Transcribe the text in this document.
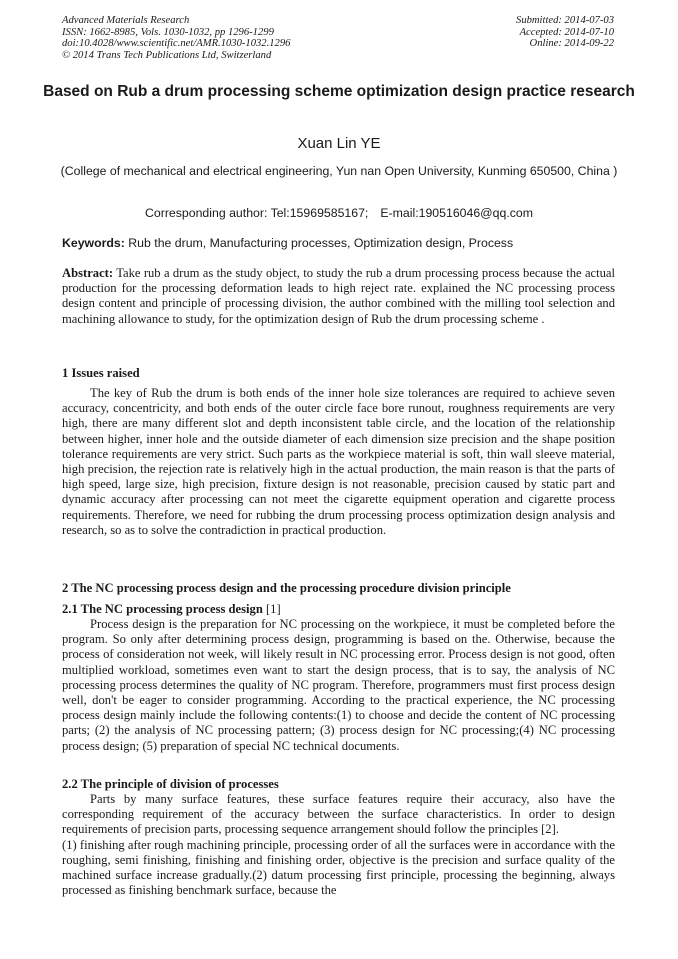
Advanced Materials Research
ISSN: 1662-8985, Vols. 1030-1032, pp 1296-1299
doi:10.4028/www.scientific.net/AMR.1030-1032.1296
© 2014 Trans Tech Publications Ltd, Switzerland
Submitted: 2014-07-03
Accepted: 2014-07-10
Online: 2014-09-22
Based on Rub a drum processing scheme optimization design practice research
Xuan Lin YE
(College of mechanical and electrical engineering, Yun nan Open University, Kunming 650500, China )
Corresponding author: Tel:15969585167; E-mail:190516046@qq.com
Keywords: Rub the drum, Manufacturing processes, Optimization design, Process
Abstract: Take rub a drum as the study object, to study the rub a drum processing process because the actual production for the processing deformation leads to high reject rate. explained the NC processing process design content and principle of processing division, the author combined with the milling tool selection and machining allowance to study, for the optimization design of Rub the drum processing scheme .
1 Issues raised
The key of Rub the drum is both ends of the inner hole size tolerances are required to achieve seven accuracy, concentricity, and both ends of the outer circle face bore runout, roughness requirements are very high, there are many different slot and depth inconsistent table circle, and the location of the relationship between higher, inner hole and the outside diameter of each dimension size precision and the shape position tolerance requirements are very strict. Such parts as the workpiece material is soft, thin wall sleeve material, high precision, the rejection rate is relatively high in the actual production, the main reason is that the parts of high speed, large size, high precision, fixture design is not reasonable, precision caused by static part and dynamic accuracy after processing can not meet the cigarette equipment operation and cigarette process requirements. Therefore, we need for rubbing the drum processing process optimization design analysis and research, so as to solve the contradiction in practical production.
2 The NC processing process design and the processing procedure division principle
2.1 The NC processing process design [1]
Process design is the preparation for NC processing on the workpiece, it must be completed before the program. So only after determining process design, programming is based on the. Otherwise, because the process of consideration not week, will likely result in NC processing error. Process design is not good, often multiplied workload, sometimes even want to start the design process, that is to say, the analysis of NC processing process determines the quality of NC program. Therefore, programmers must first process design well, don't be eager to consider programming. According to the practical experience, the NC processing process design mainly include the following contents:(1) to choose and decide the content of NC processing parts; (2) the analysis of NC processing pattern; (3) process design for NC processing;(4) NC processing process design; (5) preparation of special NC technical documents.
2.2 The principle of division of processes

Parts by many surface features, these surface features require their accuracy, also have the corresponding requirement of the accuracy between the surface characteristics. In order to design requirements of precision parts, processing sequence arrangement should follow the principles [2].

(1) finishing after rough machining principle, processing order of all the surfaces were in accordance with the roughing, semi finishing, finishing and finishing order, objective is the precision and surface quality of the machined surface increase gradually.(2) datum processing first principle, processing the beginning, always processed as finishing benchmark surface, because the
